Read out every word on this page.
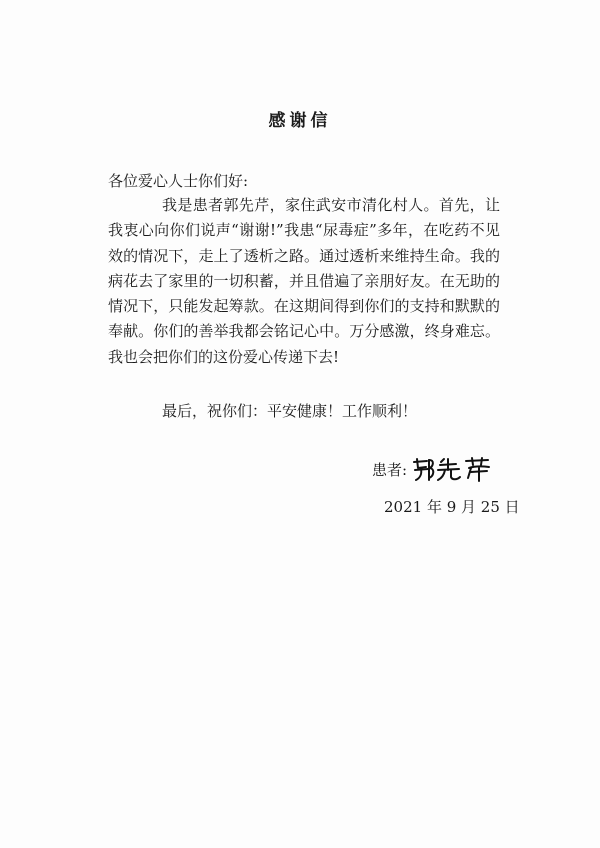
感谢信
各位爱心人士你们好:
我是患者郭先芹，家住武安市清化村人。首先，让我衷心向你们说声“谢谢!”我患“尿毒症”多年，在吃药不见效的情况下，走上了透析之路。通过透析来维持生命。我的病花去了家里的一切积蓄，并且借遍了亲朋好友。在无助的情况下，只能发起筹款。在这期间得到你们的支持和默默的奉献。你们的善举我都会铭记心中。万分感激，终身难忘。我也会把你们的这份爱心传递下去!
最后，祝你们：平安健康！工作顺利！
患者:
2021 年 9 月 25 日
